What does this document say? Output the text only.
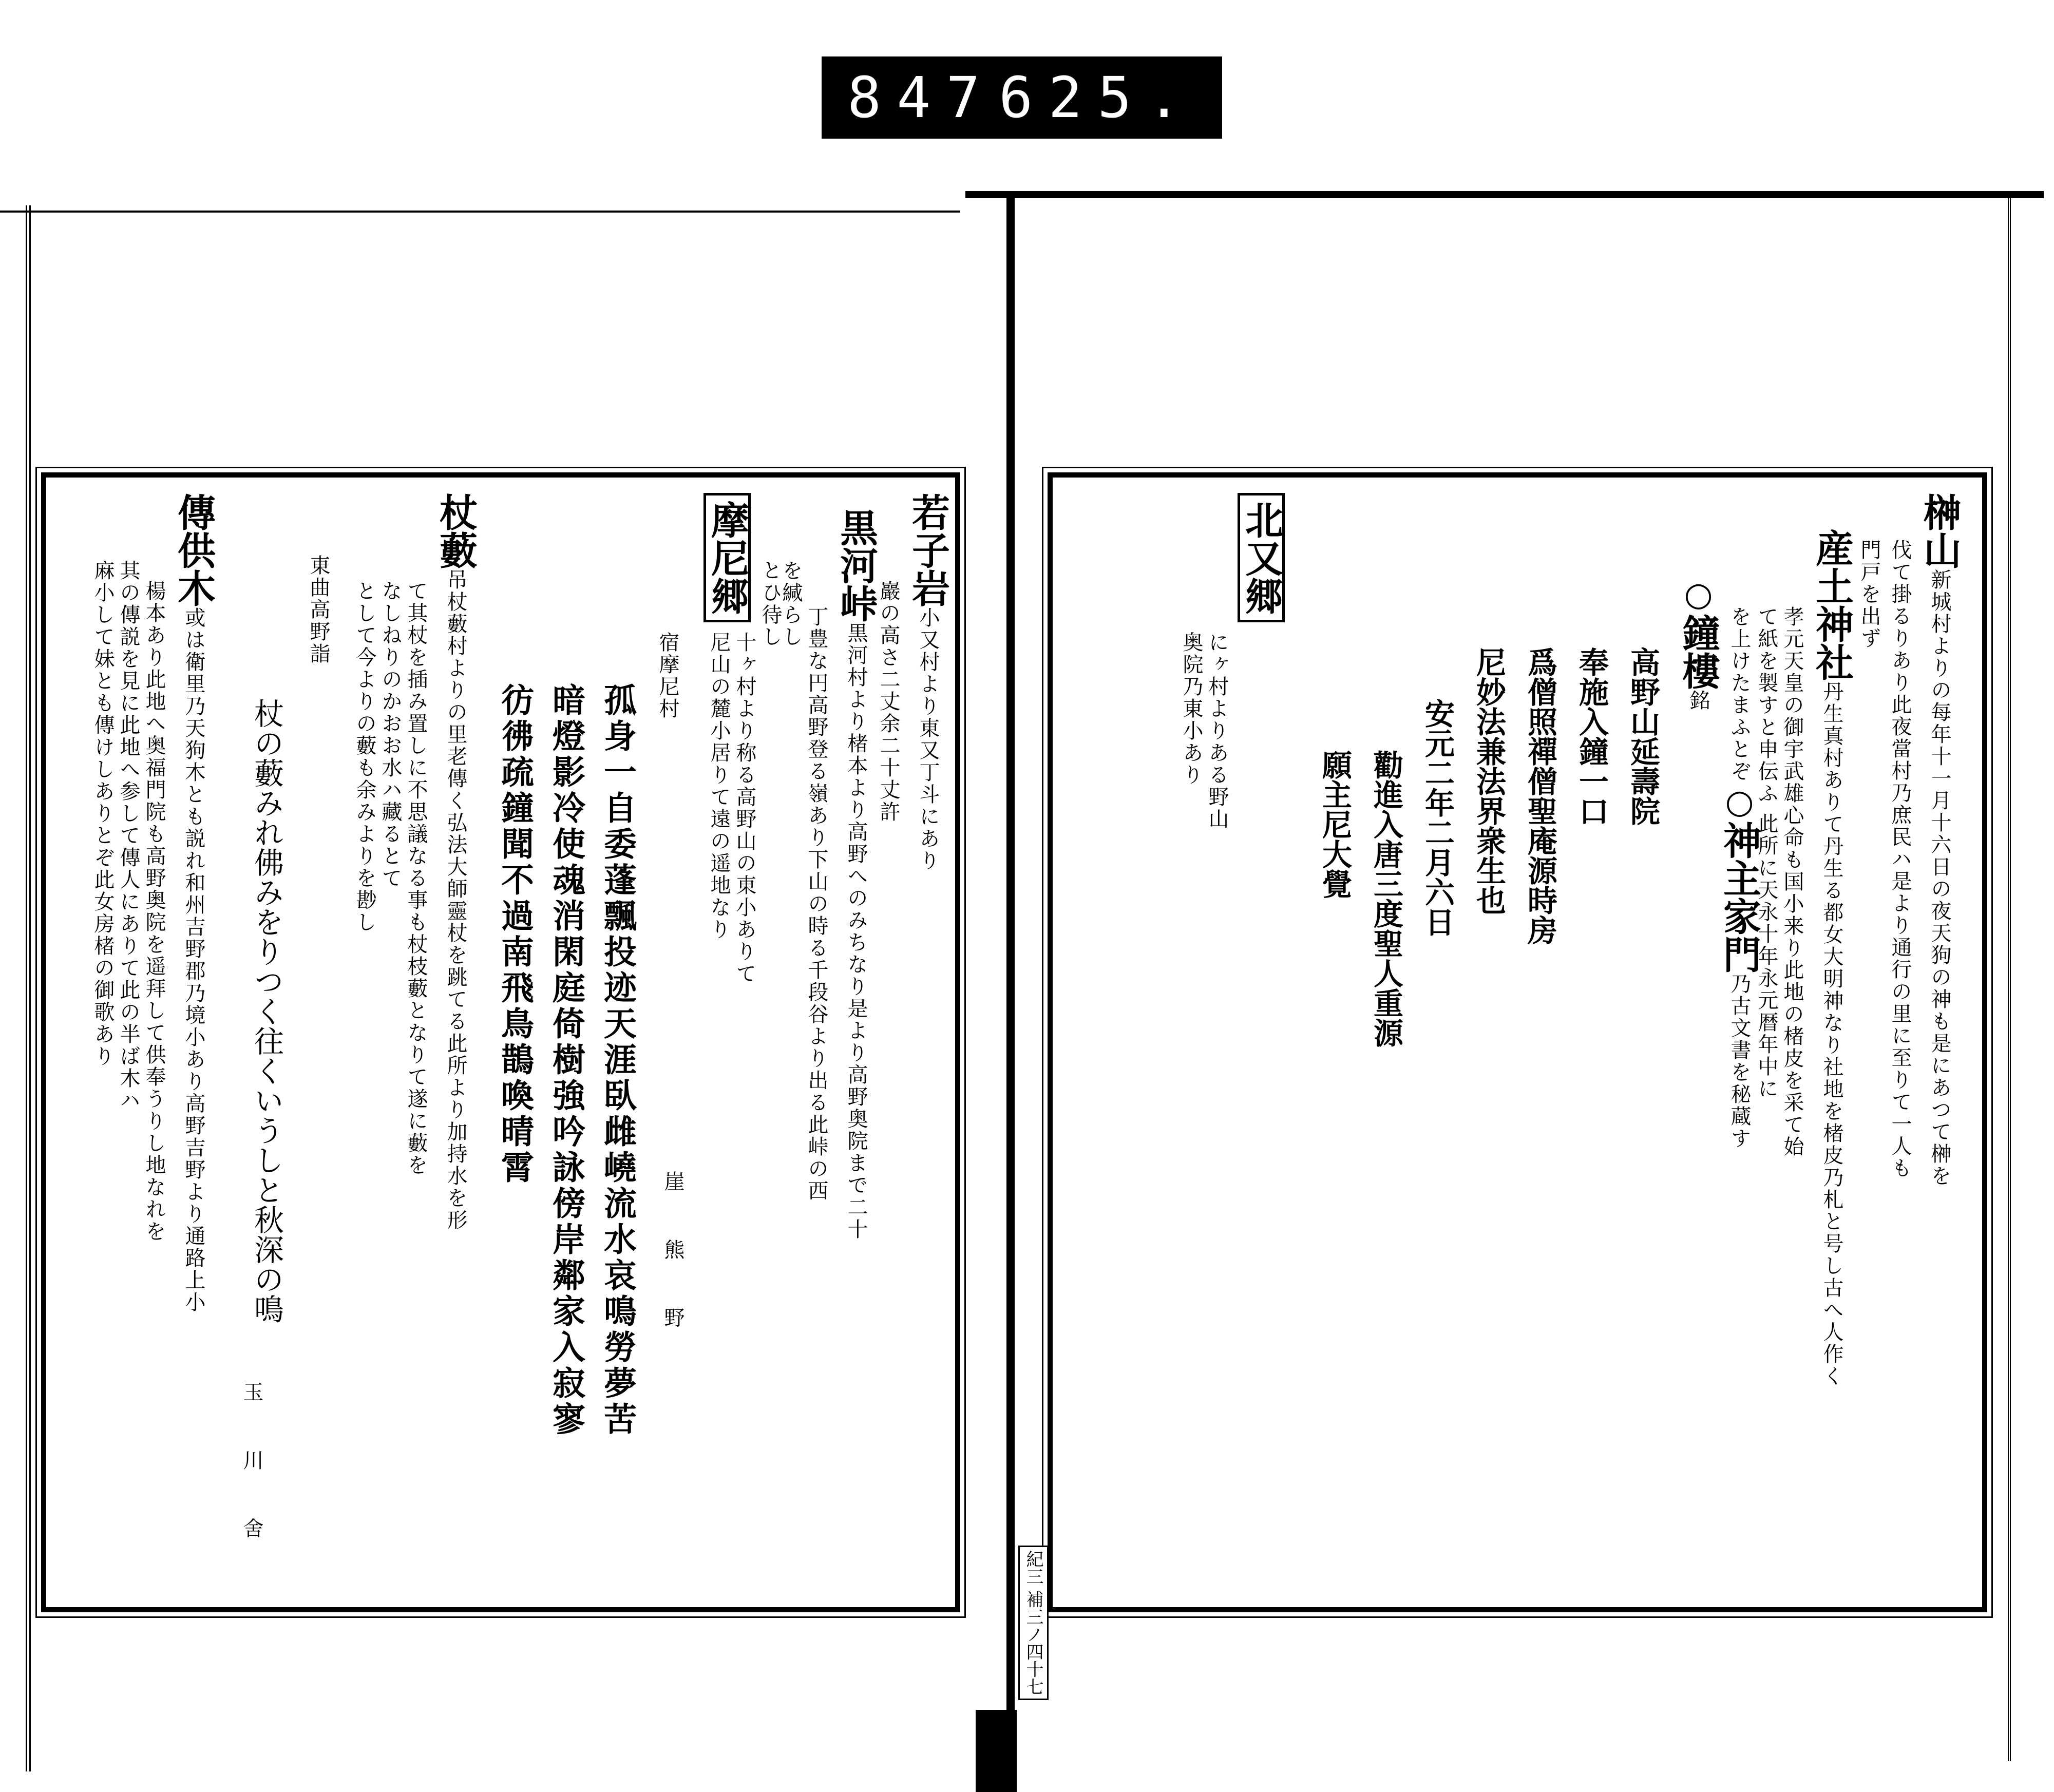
847 625.
榊山新城村よりの每年十一月十六日の夜天狗の神も是にあつて榊を
伐て掛るりあり此夜當村乃庶民ハ是より通行の里に至りて一人も
門戸を出ず
産土神社丹生真村ありて丹生る都女大明神なり社地を楮皮乃札と号し古へ人作く
孝元天皇の御宇武雄心命も国小来り此地の楮皮を采て始
て紙を製すと申伝ふ 此所に天永十年永元暦年中に
を上けたまふとぞ○神主家門乃古文書を秘蔵す
○鐘樓銘
高野山延壽院
奉施入鐘一口
爲僧照禪僧聖庵源時房
尼妙法兼法界衆生也
安元二年二月六日
勸進入唐三度聖人重源
願主尼大覺
北又郷
にヶ村よりある野山
奥院乃東小あり
紀三 補三ノ四十七
若子岩小又村より東又丁斗にあり
巖の高さ二丈余二十丈許
黒河峠黒河村より楮本より高野へのみちなり是より高野奥院まで二十
丁豊な円高野登る嶺あり下山の時る千段谷より出る此峠の西
を緘らし
とひ待し
摩尼郷
十ヶ村より称る高野山の東小ありて
尼山の麓小居りて遠の遥地なり
宿摩尼村
崖 熊 野
孤身一自委蓬飄投迹天涯臥雌嶢流水哀鳴勞夢苦
暗燈影冷使魂消閑庭倚樹強吟詠傍岸鄰家入寂寥
彷彿疏鐘聞不過南飛鳥鵲喚晴霄
杖藪吊杖藪村よりの里老傳く弘法大師靈杖を跳てる此所より加持水を形
て其杖を插み置しに不思議なる事も杖枝藪となりて遂に藪を
なしねりのかおお水ハ藏るとて
として今よりの藪も余みよりを尠し
東曲高野詣
杖の藪みれ佛みをりつく往くいうしと秋深の鳴
玉 川 舍
傳供木或は衛里乃天狗木とも説れ和州吉野郡乃境小あり高野吉野より通路上小
楊本あり此地へ奥福門院も高野奥院を遥拜して供奉うりし地なれを
其の傳説を見に此地へ参して傳人にありて此の半ば木ハ
麻小して妹とも傳けしありとぞ此女房楮の御歌あり
